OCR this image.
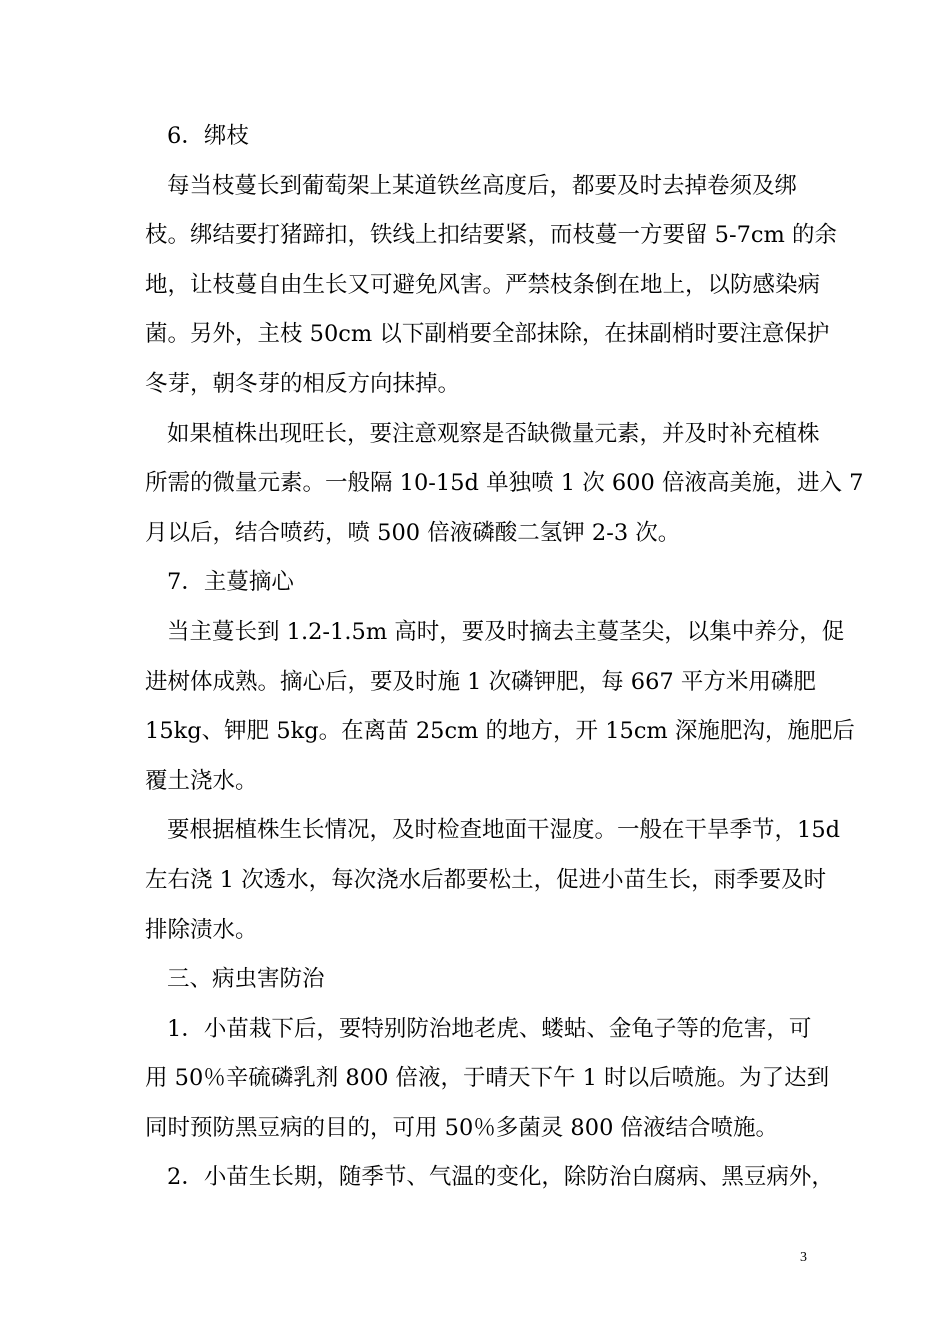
6．绑枝
每当枝蔓长到葡萄架上某道铁丝高度后，都要及时去掉卷须及绑
枝。绑结要打猪蹄扣，铁线上扣结要紧，而枝蔓一方要留 5-7cm 的余
地，让枝蔓自由生长又可避免风害。严禁枝条倒在地上，以防感染病
菌。另外，主枝 50cm 以下副梢要全部抹除，在抹副梢时要注意保护
冬芽，朝冬芽的相反方向抹掉。
如果植株出现旺长，要注意观察是否缺微量元素，并及时补充植株
所需的微量元素。一般隔 10-15d 单独喷 1 次 600 倍液高美施，进入 7
月以后，结合喷药，喷 500 倍液磷酸二氢钾 2-3 次。
7．主蔓摘心
当主蔓长到 1.2-1.5m 高时，要及时摘去主蔓茎尖，以集中养分，促
进树体成熟。摘心后，要及时施 1 次磷钾肥，每 667 平方米用磷肥
15kg、钾肥 5kg。在离苗 25cm 的地方，开 15cm 深施肥沟，施肥后
覆土浇水。
要根据植株生长情况，及时检查地面干湿度。一般在干旱季节，15d
左右浇 1 次透水，每次浇水后都要松土，促进小苗生长，雨季要及时
排除渍水。
三、病虫害防治
1．小苗栽下后，要特别防治地老虎、蝼蛄、金龟子等的危害，可
用 50％辛硫磷乳剂 800 倍液，于晴天下午 1 时以后喷施。为了达到
同时预防黑豆病的目的，可用 50％多菌灵 800 倍液结合喷施。
2．小苗生长期，随季节、气温的变化，除防治白腐病、黑豆病外，
3
